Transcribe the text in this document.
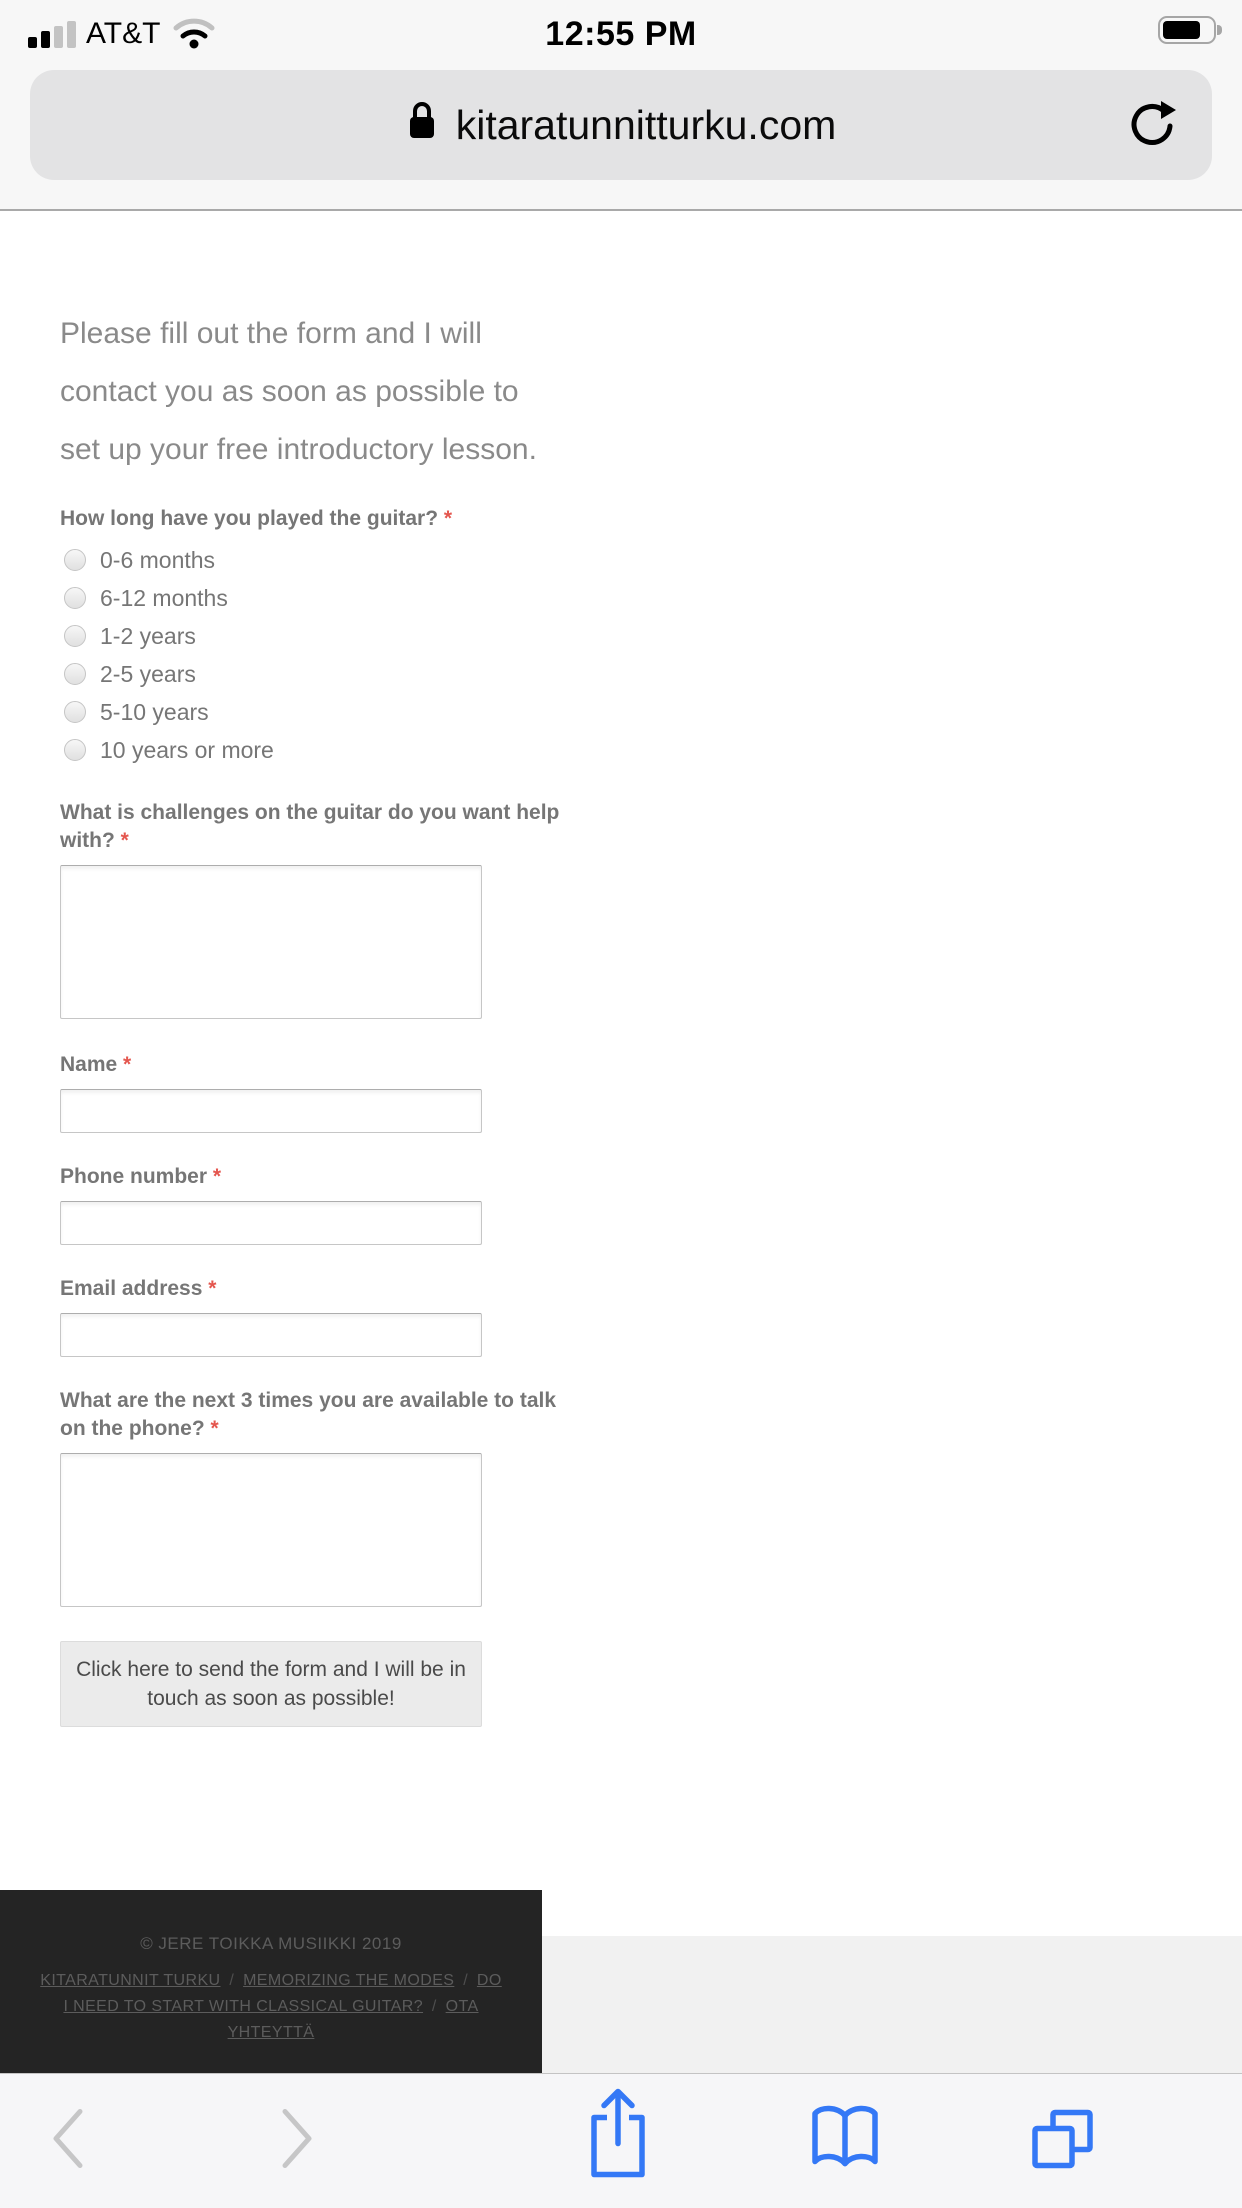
AT&T	12:55 PM
kitaratunnitturku.com

Please fill out the form and I will contact you as soon as possible to set up your free introductory lesson.

How long have you played the guitar? *

0-6 months
6-12 months
1-2 years
2-5 years
5-10 years
10 years or more

What is challenges on the guitar do you want help with? *

Name *

Phone number *

Email address *

What are the next 3 times you are available to talk on the phone? *

Click here to send the form and I will be in
touch as soon as possible!
© JERE TOIKKA MUSIIKKI 2019
KITARATUNNIT TURKU / MEMORIZING THE MODES / DO I NEED TO START WITH CLASSICAL GUITAR? / OTA YHTEYTTÄ
